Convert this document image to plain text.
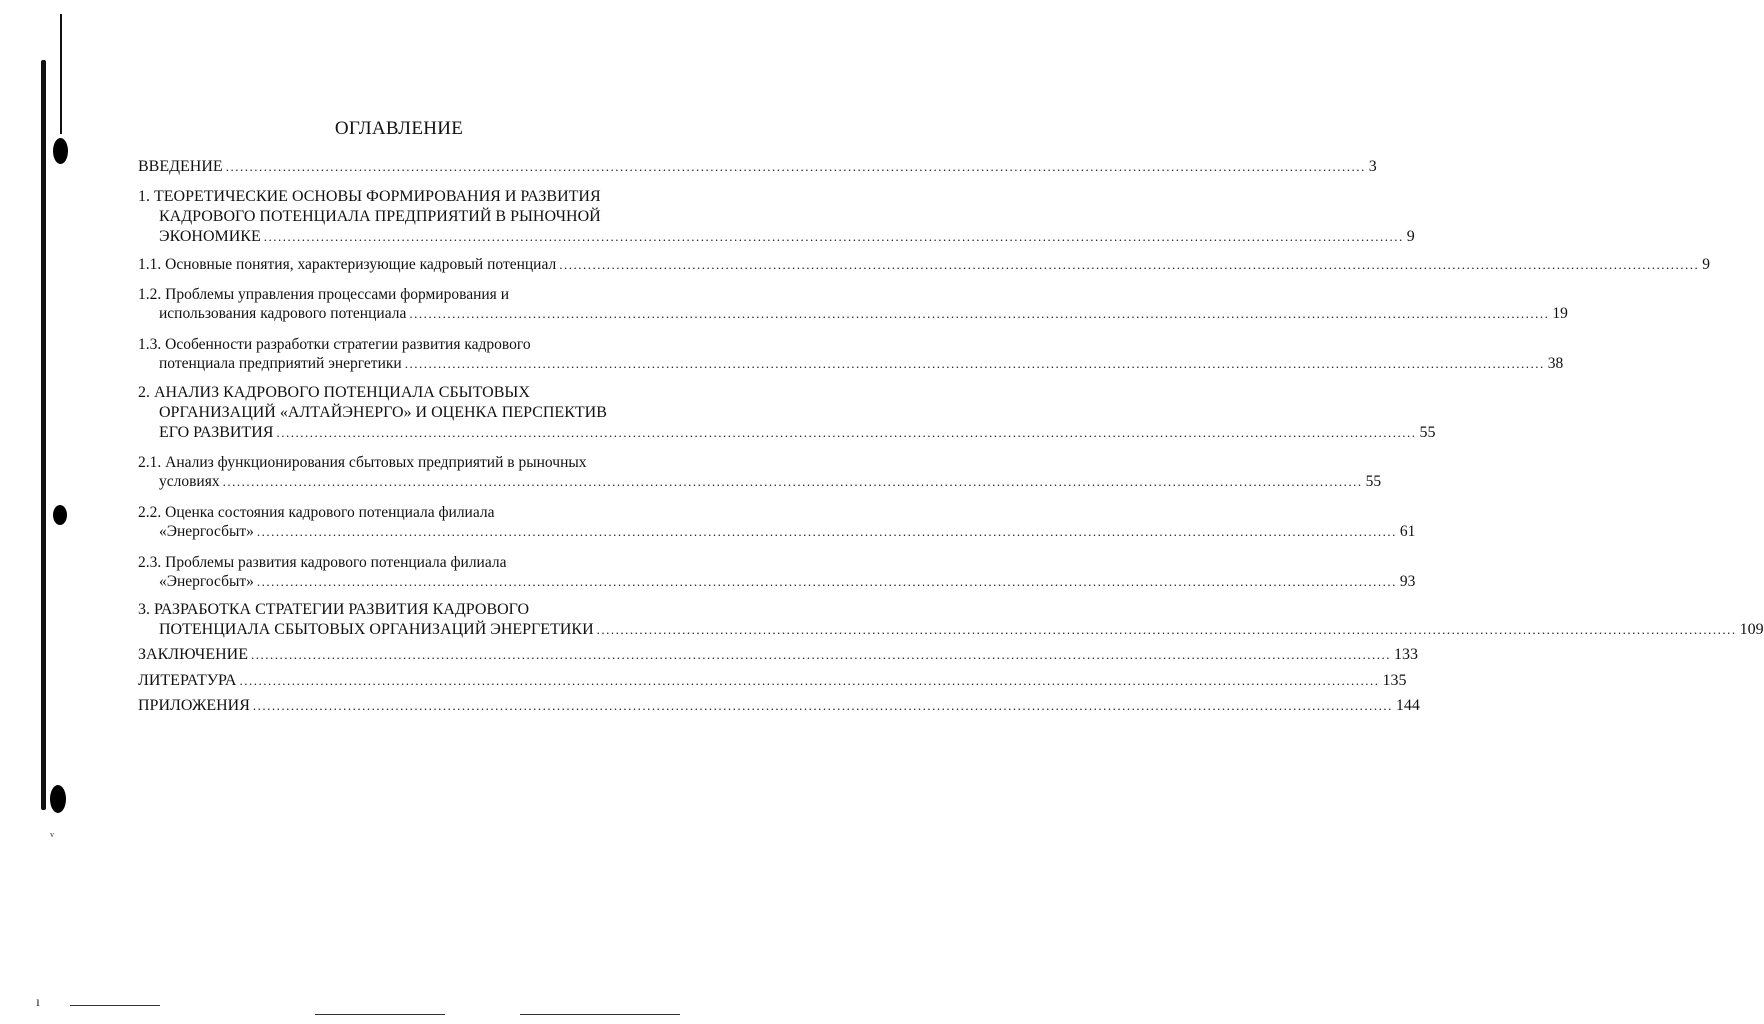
ᵛ
ı
ОГЛАВЛЕНИЕ
ВВЕДЕНИЕ ................................................................................................................................................................................................................................................ 3
1. ТЕОРЕТИЧЕСКИЕ ОСНОВЫ ФОРМИРОВАНИЯ И РАЗВИТИЯ
КАДРОВОГО ПОТЕНЦИАЛА ПРЕДПРИЯТИЙ В РЫНОЧНОЙ
ЭКОНОМИКЕ ................................................................................................................................................................................................................................................ 9
1.1. Основные понятия, характеризующие кадровый потенциал ................................................................................................................................................................................................................................................ 9
1.2. Проблемы управления процессами формирования и
использования кадрового потенциала ................................................................................................................................................................................................................................................ 19
1.3. Особенности разработки стратегии развития кадрового
потенциала предприятий энергетики ................................................................................................................................................................................................................................................ 38
2. АНАЛИЗ КАДРОВОГО ПОТЕНЦИАЛА СБЫТОВЫХ
ОРГАНИЗАЦИЙ «АЛТАЙЭНЕРГО» И ОЦЕНКА ПЕРСПЕКТИВ
ЕГО РАЗВИТИЯ ................................................................................................................................................................................................................................................ 55
2.1. Анализ функционирования сбытовых предприятий в рыночных
условиях ................................................................................................................................................................................................................................................ 55
2.2. Оценка состояния кадрового потенциала филиала
«Энергосбыт» ................................................................................................................................................................................................................................................ 61
2.3. Проблемы развития кадрового потенциала филиала
«Энергосбыт» ................................................................................................................................................................................................................................................ 93
3. РАЗРАБОТКА СТРАТЕГИИ РАЗВИТИЯ КАДРОВОГО
ПОТЕНЦИАЛА СБЫТОВЫХ ОРГАНИЗАЦИЙ ЭНЕРГЕТИКИ ................................................................................................................................................................................................................................................ 109
ЗАКЛЮЧЕНИЕ ................................................................................................................................................................................................................................................ 133
ЛИТЕРАТУРА ................................................................................................................................................................................................................................................ 135
ПРИЛОЖЕНИЯ ................................................................................................................................................................................................................................................ 144
